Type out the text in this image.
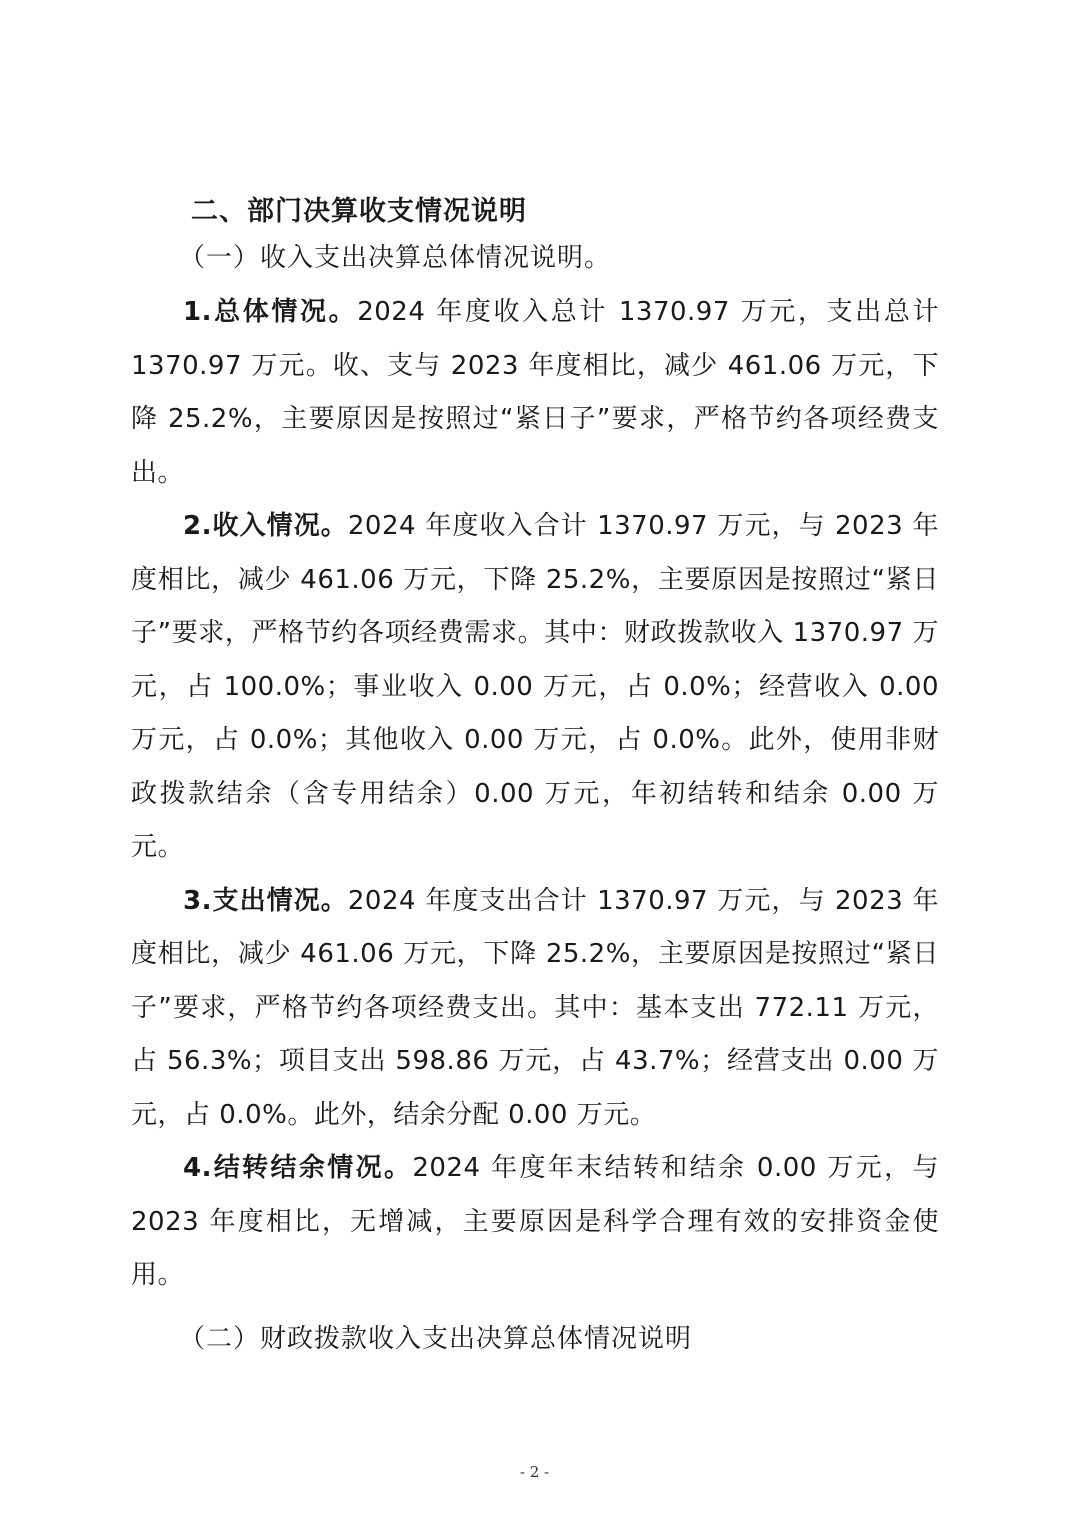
二、部门决算收支情况说明
（一）收入支出决算总体情况说明。

1.总体情况。2024 年度收入总计 1370.97 万元，支出总计 1370.97 万元。收、支与 2023 年度相比，减少 461.06 万元，下降 25.2%，主要原因是按照过“紧日子”要求，严格节约各项经费支出。

2.收入情况。2024 年度收入合计 1370.97 万元，与 2023 年度相比，减少 461.06 万元，下降 25.2%，主要原因是按照过“紧日子”要求，严格节约各项经费需求。其中：财政拨款收入 1370.97 万元，占 100.0%；事业收入 0.00 万元，占 0.0%；经营收入 0.00 万元，占 0.0%；其他收入 0.00 万元，占 0.0%。此外，使用非财政拨款结余（含专用结余）0.00 万元，年初结转和结余 0.00 万元。

3.支出情况。2024 年度支出合计 1370.97 万元，与 2023 年度相比，减少 461.06 万元，下降 25.2%，主要原因是按照过“紧日子”要求，严格节约各项经费支出。其中：基本支出 772.11 万元，占 56.3%；项目支出 598.86 万元，占 43.7%；经营支出 0.00 万元，占 0.0%。此外，结余分配 0.00 万元。

4.结转结余情况。2024 年度年末结转和结余 0.00 万元，与 2023 年度相比，无增减，主要原因是科学合理有效的安排资金使用。

（二）财政拨款收入支出决算总体情况说明
- 2 -
